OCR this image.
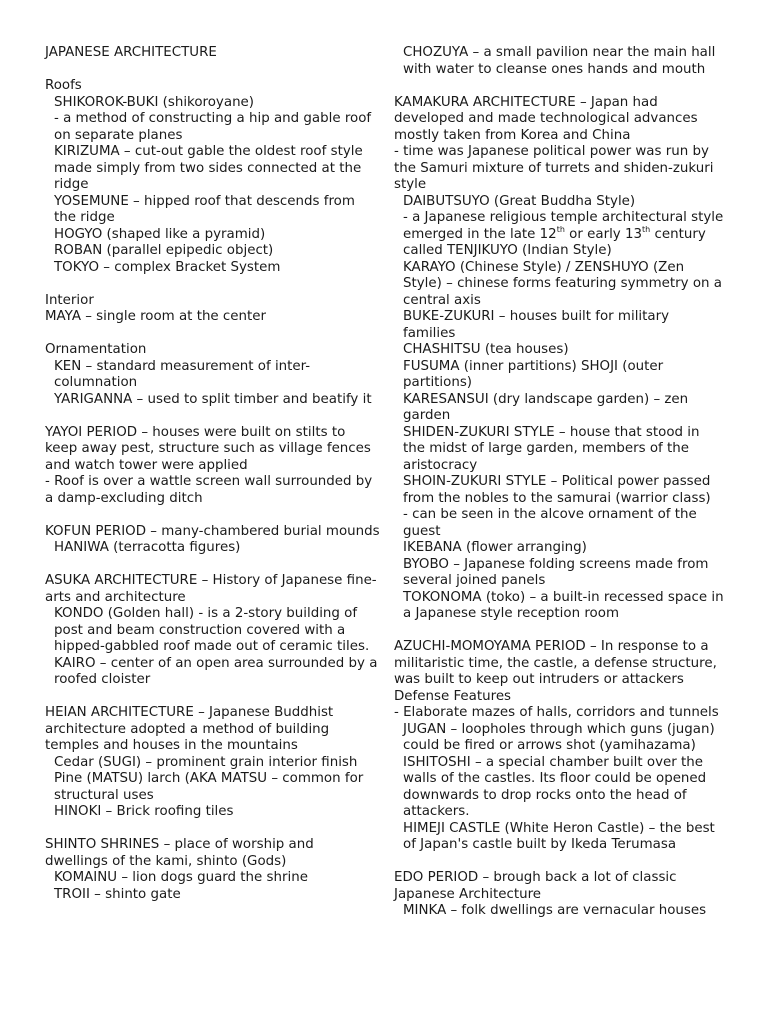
JAPANESE ARCHITECTURE

Roofs

SHIKOROK-BUKI (shikoroyane)

- a method of constructing a hip and gable roof on separate planes

KIRIZUMA – cut-out gable the oldest roof style made simply from two sides connected at the ridge

YOSEMUNE – hipped roof that descends from the ridge

HOGYO (shaped like a pyramid)

ROBAN (parallel epipedic object)

TOKYO – complex Bracket System

Interior

MAYA – single room at the center

Ornamentation

KEN – standard measurement of inter-columnation

YARIGANNA – used to split timber and beatify it

YAYOI PERIOD – houses were built on stilts to keep away pest, structure such as village fences and watch tower were applied

- Roof is over a wattle screen wall surrounded by a damp-excluding ditch

KOFUN PERIOD – many-chambered burial mounds

HANIWA (terracotta figures)

ASUKA ARCHITECTURE – History of Japanese fine-arts and architecture

KONDO (Golden hall) - is a 2-story building of post and beam construction covered with a hipped-gabbled roof made out of ceramic tiles.

KAIRO – center of an open area surrounded by a roofed cloister

HEIAN ARCHITECTURE – Japanese Buddhist architecture adopted a method of building temples and houses in the mountains

Cedar (SUGI) – prominent grain interior finish

Pine (MATSU) larch (AKA MATSU – common for structural uses

HINOKI – Brick roofing tiles

SHINTO SHRINES – place of worship and dwellings of the kami, shinto (Gods)

KOMAINU – lion dogs guard the shrine

TROII – shinto gate

CHOZUYA – a small pavilion near the main hall with water to cleanse ones hands and mouth

KAMAKURA ARCHITECTURE – Japan had developed and made technological advances mostly taken from Korea and China

- time was Japanese political power was run by the Samuri mixture of turrets and shiden-zukuri style

DAIBUTSUYO (Great Buddha Style)

- a Japanese religious temple architectural style emerged in the late 12th or early 13th century called TENJIKUYO (Indian Style)

KARAYO (Chinese Style) / ZENSHUYO (Zen Style) – chinese forms featuring symmetry on a central axis

BUKE-ZUKURI – houses built for military families

CHASHITSU (tea houses)

FUSUMA (inner partitions) SHOJI (outer partitions)

KARESANSUI (dry landscape garden) – zen garden

SHIDEN-ZUKURI STYLE – house that stood in the midst of large garden, members of the aristocracy

SHOIN-ZUKURI STYLE – Political power passed from the nobles to the samurai (warrior class)

- can be seen in the alcove ornament of the guest

IKEBANA (flower arranging)

BYOBO – Japanese folding screens made from several joined panels

TOKONOMA (toko) – a built-in recessed space in a Japanese style reception room

AZUCHI-MOMOYAMA PERIOD – In response to a militaristic time, the castle, a defense structure, was built to keep out intruders or attackers Defense Features

- Elaborate mazes of halls, corridors and tunnels

JUGAN – loopholes through which guns (jugan) could be fired or arrows shot (yamihazama)

ISHITOSHI – a special chamber built over the walls of the castles. Its floor could be opened downwards to drop rocks onto the head of attackers.

HIMEJI CASTLE (White Heron Castle) – the best of Japan's castle built by Ikeda Terumasa

EDO PERIOD – brough back a lot of classic Japanese Architecture

MINKA – folk dwellings are vernacular houses
